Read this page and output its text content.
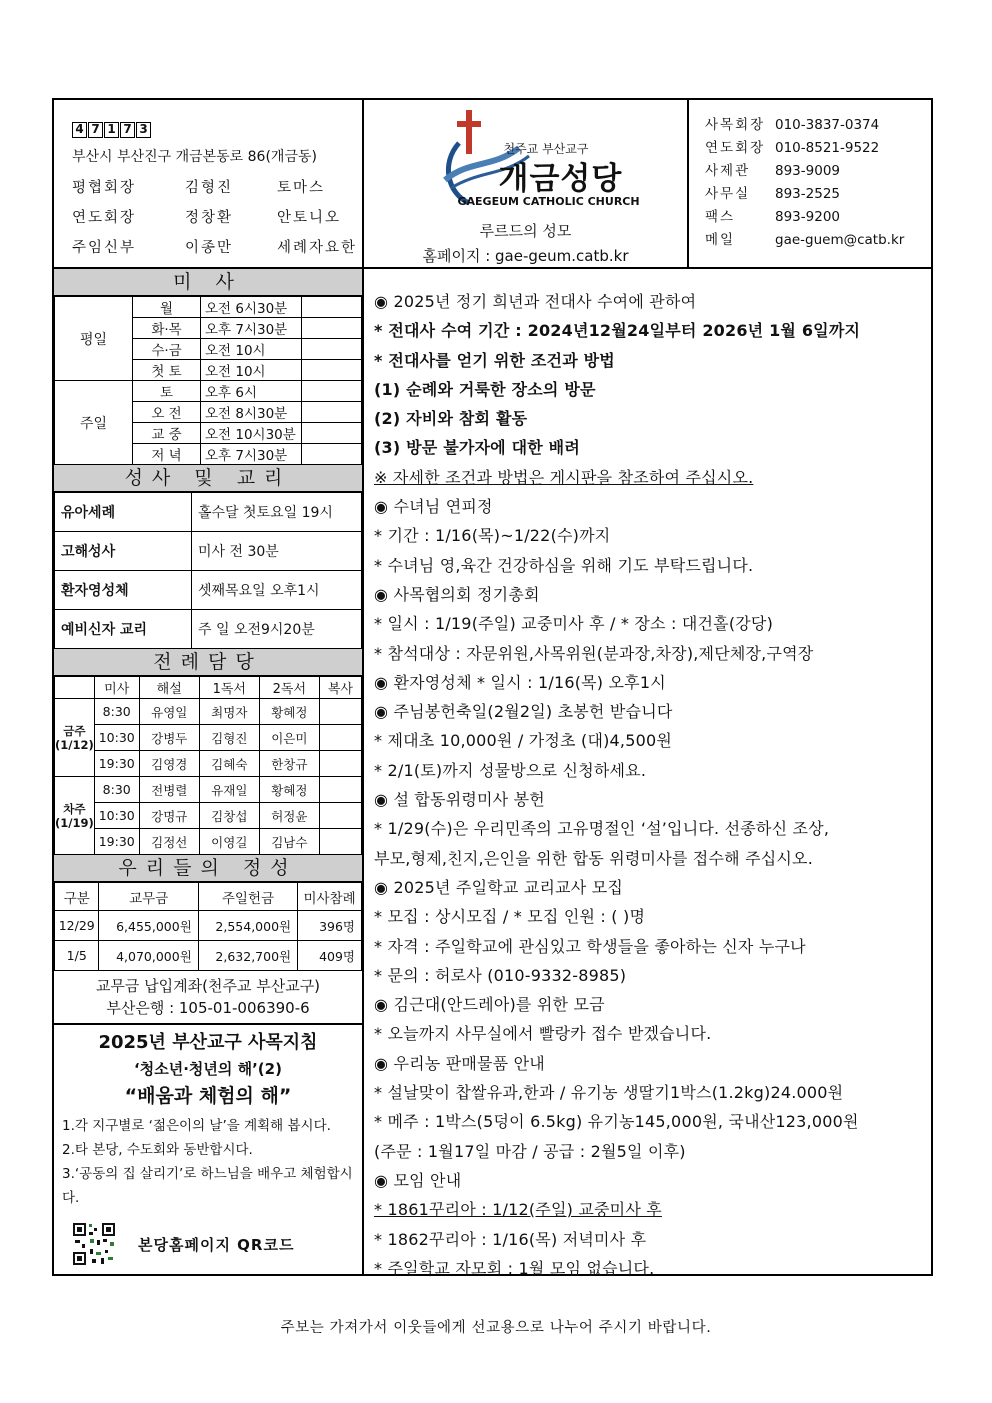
4 7 1 7 3
부산시 부산진구 개금본동로 86(개금동)
평협회장	김형진	토마스
연도회장	정창환	안토니오
주임신부	이종만	세례자요한
천주교 부산교구
개금성당
GAEGEUM CATHOLIC CHURCH
루르드의 성모
홈페이지 : gae-geum.catb.kr
사목회장 010-3837-0374
연도회장 010-8521-9522
사제관	893-9009
사무실	893-2525
팩스	893-9200
메일	gae-guem@catb.kr
미 사
평일	월	오전 6시30분	
	화·목	오후 7시30분	
	수·금	오전 10시	
	첫 토	오전 10시	
주일	토	오후 6시	
	오 전	오전 8시30분	
	교 중	오전 10시30분	
	저 녁	오후 7시30분	
성사 및 교리
유아세례	홀수달 첫토요일 19시
고해성사	미사 전 30분
환자영성체	셋째목요일 오후1시
예비신자 교리	주 일 오전9시20분
전례담당
	미사	해설	1독서	2독서	복사
금주(1/12)	8:30	유영일	최명자	황혜정	
	10:30	강병두	김형진	이은미	
	19:30	김영경	김혜숙	한창규	
차주(1/19)	8:30	전병렬	유재일	황혜정	
	10:30	강명규	김창섭	허정윤	
	19:30	김정선	이영길	김남수	
우리들의 정성
구분	교무금	주일헌금	미사참례
12/29	6,455,000원	2,554,000원	396명
1/5	4,070,000원	2,632,700원	409명
교무금 납입계좌(천주교 부산교구)
부산은행 : 105-01-006390-6
2025년 부산교구 사목지침
‘청소년·청년의 해’(2)
“배움과 체험의 해”
1.각 지구별로 ‘젊은이의 날’을 계획해 봅시다.
2.타 본당, 수도회와 동반합시다.
3.‘공동의 집 살리기’로 하느님을 배우고 체험합시다.
본당홈페이지 QR코드
◉ 2025년 정기 희년과 전대사 수여에 관하여
* 전대사 수여 기간 : 2024년12월24일부터 2026년 1월 6일까지
* 전대사를 얻기 위한 조건과 방법
(1) 순례와 거룩한 장소의 방문
(2) 자비와 참회 활동
(3) 방문 불가자에 대한 배려
※ 자세한 조건과 방법은 게시판을 참조하여 주십시오.
◉ 수녀님 연피정
* 기간 : 1/16(목)~1/22(수)까지
* 수녀님 영,육간 건강하심을 위해 기도 부탁드립니다.
◉ 사목협의회 정기총회
* 일시 : 1/19(주일) 교중미사 후 / * 장소 : 대건홀(강당)
* 참석대상 : 자문위원,사목위원(분과장,차장),제단체장,구역장
◉ 환자영성체 * 일시 : 1/16(목) 오후1시
◉ 주님봉헌축일(2월2일) 초봉헌 받습니다
* 제대초 10,000원 / 가정초 (대)4,500원
* 2/1(토)까지 성물방으로 신청하세요.
◉ 설 합동위령미사 봉헌
* 1/29(수)은 우리민족의 고유명절인 ‘설’입니다. 선종하신 조상,
부모,형제,친지,은인을 위한 합동 위령미사를 접수해 주십시오.
◉ 2025년 주일학교 교리교사 모집
* 모집 : 상시모집 / * 모집 인원 : ( )명
* 자격 : 주일학교에 관심있고 학생들을 좋아하는 신자 누구나
* 문의 : 허로사 (010-9332-8985)
◉ 김근대(안드레아)를 위한 모금
* 오늘까지 사무실에서 빨랑카 접수 받겠습니다.
◉ 우리농 판매물품 안내
* 설날맞이 찹쌀유과,한과 / 유기농 생딸기1박스(1.2kg)24.000원
* 메주 : 1박스(5덩이 6.5kg) 유기농145,000원, 국내산123,000원
(주문 : 1월17일 마감 / 공급 : 2월5일 이후)
◉ 모임 안내
* 1861꾸리아 : 1/12(주일) 교중미사 후
* 1862꾸리아 : 1/16(목) 저녁미사 후
* 주일학교 자모회 : 1월 모임 없습니다.
주보는 가져가서 이웃들에게 선교용으로 나누어 주시기 바랍니다.
